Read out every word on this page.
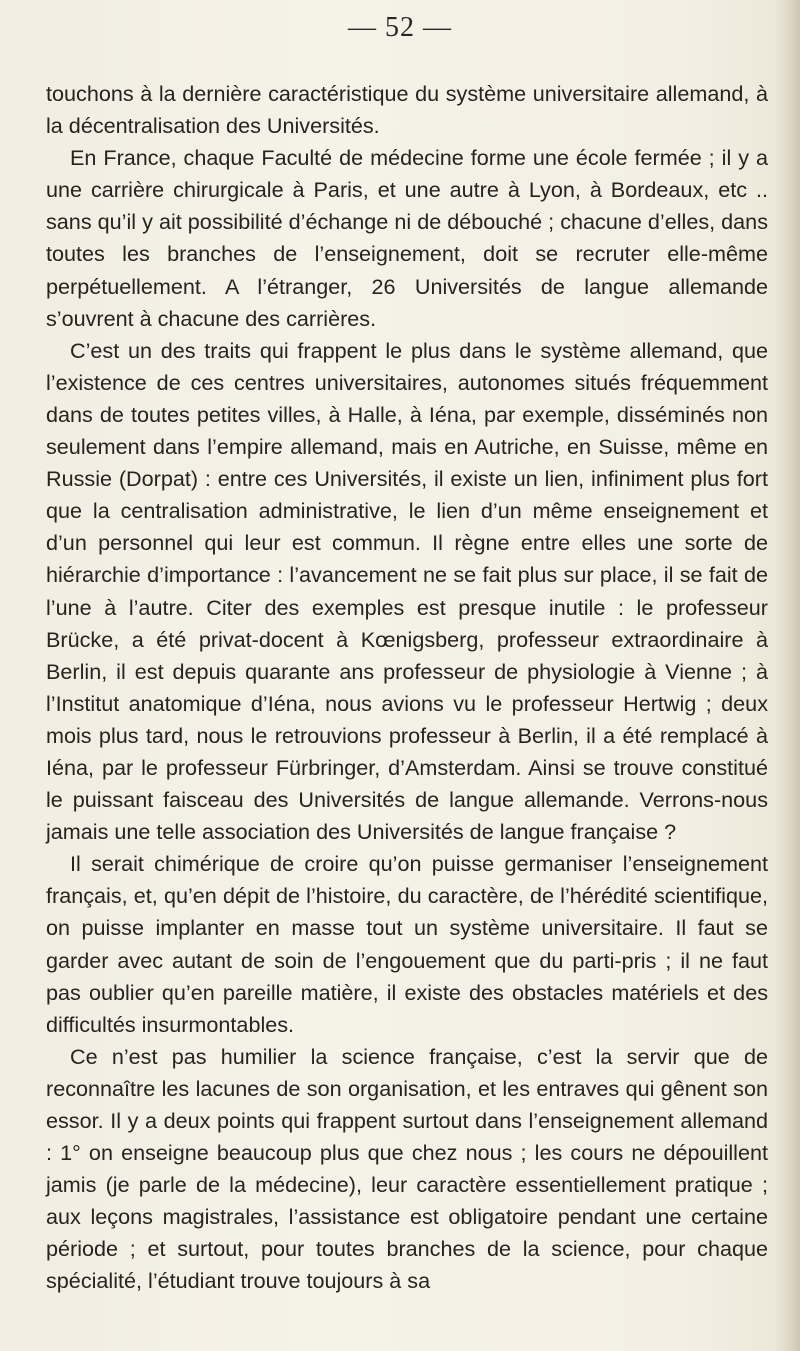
— 52 —

touchons à la dernière caractéristique du système universitaire allemand, à la décentralisation des Universités.

En France, chaque Faculté de médecine forme une école fermée ; il y a une carrière chirurgicale à Paris, et une autre à Lyon, à Bordeaux, etc .. sans qu’il y ait possibilité d’échange ni de débouché ; chacune d’elles, dans toutes les branches de l’enseignement, doit se recruter elle-même perpétuellement. A l’étranger, 26 Universités de langue allemande s’ouvrent à chacune des carrières.

C’est un des traits qui frappent le plus dans le système allemand, que l’existence de ces centres universitaires, autonomes situés fréquemment dans de toutes petites villes, à Halle, à Iéna, par exemple, disséminés non seulement dans l’empire allemand, mais en Autriche, en Suisse, même en Russie (Dorpat) : entre ces Universités, il existe un lien, infiniment plus fort que la centralisation administrative, le lien d’un même enseignement et d’un personnel qui leur est commun. Il règne entre elles une sorte de hiérarchie d’importance : l’avancement ne se fait plus sur place, il se fait de l’une à l’autre. Citer des exemples est presque inutile : le professeur Brücke, a été privat-docent à Kœnigsberg, professeur extraordinaire à Berlin, il est depuis quarante ans professeur de physiologie à Vienne ; à l’Institut anatomique d’Iéna, nous avions vu le professeur Hertwig ; deux mois plus tard, nous le retrouvions professeur à Berlin, il a été remplacé à Iéna, par le professeur Fürbringer, d’Amsterdam. Ainsi se trouve constitué le puissant faisceau des Universités de langue allemande. Verrons-nous jamais une telle association des Universités de langue française ?

Il serait chimérique de croire qu’on puisse germaniser l’enseignement français, et, qu’en dépit de l’histoire, du caractère, de l’hérédité scientifique, on puisse implanter en masse tout un système universitaire. Il faut se garder avec autant de soin de l’engouement que du parti-pris ; il ne faut pas oublier qu’en pareille matière, il existe des obstacles matériels et des difficultés insurmontables.

Ce n’est pas humilier la science française, c’est la servir que de reconnaître les lacunes de son organisation, et les entraves qui gênent son essor. Il y a deux points qui frappent surtout dans l’enseignement allemand : 1° on enseigne beaucoup plus que chez nous ; les cours ne dépouillent jamis (je parle de la médecine), leur caractère essentiellement pratique ; aux leçons magistrales, l’assistance est obligatoire pendant une certaine période ; et surtout, pour toutes branches de la science, pour chaque spécialité, l’étudiant trouve toujours à sa
